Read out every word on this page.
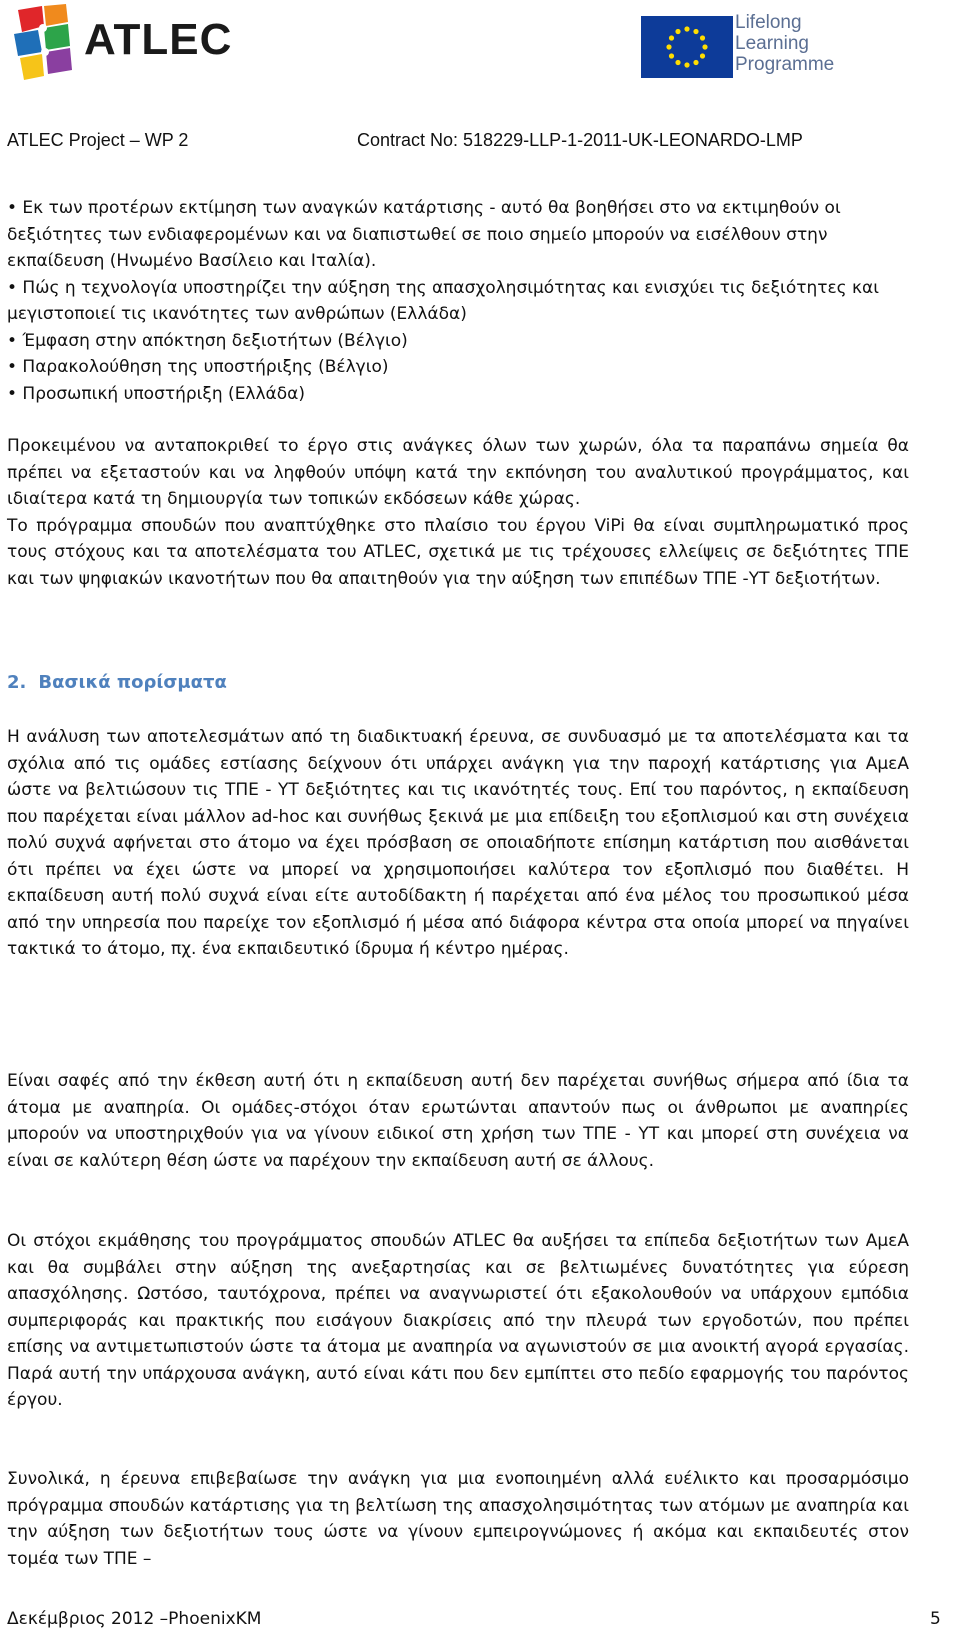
ATLEC	Lifelong
Learning
Programme
ATLEC Project – WP 2	Contract No: 518229-LLP-1-2011-UK-LEONARDO-LMP

• Εκ των προτέρων εκτίμηση των αναγκών κατάρτισης - αυτό θα βοηθήσει στο να εκτιμηθούν οι δεξιότητες των ενδιαφερομένων και να διαπιστωθεί σε ποιο σημείο μπορούν να εισέλθουν στην εκπαίδευση (Ηνωμένο Βασίλειο και Ιταλία).

• Πώς η τεχνολογία υποστηρίζει την αύξηση της απασχολησιμότητας και ενισχύει τις δεξιότητες και μεγιστοποιεί τις ικανότητες των ανθρώπων (Ελλάδα)

• Έμφαση στην απόκτηση δεξιοτήτων (Βέλγιο)

• Παρακολούθηση της υποστήριξης (Βέλγιο)

• Προσωπική υποστήριξη (Ελλάδα)

Προκειμένου να ανταποκριθεί το έργο στις ανάγκες όλων των χωρών, όλα τα παραπάνω σημεία θα πρέπει να εξεταστούν και να ληφθούν υπόψη κατά την εκπόνηση του αναλυτικού προγράμματος, και ιδιαίτερα κατά τη δημιουργία των τοπικών εκδόσεων κάθε χώρας.

Το πρόγραμμα σπουδών που αναπτύχθηκε στο πλαίσιο του έργου ViPi θα είναι συμπληρωματικό προς τους στόχους και τα αποτελέσματα του ATLEC, σχετικά με τις τρέχουσες ελλείψεις σε δεξιότητες ΤΠΕ και των ψηφιακών ικανοτήτων που θα απαιτηθούν για την αύξηση των επιπέδων ΤΠΕ -ΥΤ δεξιοτήτων.

2. Βασικά πορίσματα

Η ανάλυση των αποτελεσμάτων από τη διαδικτυακή έρευνα, σε συνδυασμό με τα αποτελέσματα και τα σχόλια από τις ομάδες εστίασης δείχνουν ότι υπάρχει ανάγκη για την παροχή κατάρτισης για ΑμεΑ ώστε να βελτιώσουν τις ΤΠΕ - ΥΤ δεξιότητες και τις ικανότητές τους. Επί του παρόντος, η εκπαίδευση που παρέχεται είναι μάλλον ad-hoc και συνήθως ξεκινά με μια επίδειξη του εξοπλισμού και στη συνέχεια πολύ συχνά αφήνεται στο άτομο να έχει πρόσβαση σε οποιαδήποτε επίσημη κατάρτιση που αισθάνεται ότι πρέπει να έχει ώστε να μπορεί να χρησιμοποιήσει καλύτερα τον εξοπλισμό που διαθέτει. Η εκπαίδευση αυτή πολύ συχνά είναι είτε αυτοδίδακτη ή παρέχεται από ένα μέλος του προσωπικού μέσα από την υπηρεσία που παρείχε τον εξοπλισμό ή μέσα από διάφορα κέντρα στα οποία μπορεί να πηγαίνει τακτικά το άτομο, πχ. ένα εκπαιδευτικό ίδρυμα ή κέντρο ημέρας.

Είναι σαφές από την έκθεση αυτή ότι η εκπαίδευση αυτή δεν παρέχεται συνήθως σήμερα από ίδια τα άτομα με αναπηρία. Οι ομάδες-στόχοι όταν ερωτώνται απαντούν πως οι άνθρωποι με αναπηρίες μπορούν να υποστηριχθούν για να γίνουν ειδικοί στη χρήση των ΤΠΕ - ΥΤ και μπορεί στη συνέχεια να είναι σε καλύτερη θέση ώστε να παρέχουν την εκπαίδευση αυτή σε άλλους.

Οι στόχοι εκμάθησης του προγράμματος σπουδών ATLEC θα αυξήσει τα επίπεδα δεξιοτήτων των ΑμεΑ και θα συμβάλει στην αύξηση της ανεξαρτησίας και σε βελτιωμένες δυνατότητες για εύρεση απασχόλησης. Ωστόσο, ταυτόχρονα, πρέπει να αναγνωριστεί ότι εξακολουθούν να υπάρχουν εμπόδια συμπεριφοράς και πρακτικής που εισάγουν διακρίσεις από την πλευρά των εργοδοτών, που πρέπει επίσης να αντιμετωπιστούν ώστε τα άτομα με αναπηρία να αγωνιστούν σε μια ανοικτή αγορά εργασίας. Παρά αυτή την υπάρχουσα ανάγκη, αυτό είναι κάτι που δεν εμπίπτει στο πεδίο εφαρμογής του παρόντος έργου.

Συνολικά, η έρευνα επιβεβαίωσε την ανάγκη για μια ενοποιημένη αλλά ευέλικτο και προσαρμόσιμο πρόγραμμα σπουδών κατάρτισης για τη βελτίωση της απασχολησιμότητας των ατόμων με αναπηρία και την αύξηση των δεξιοτήτων τους ώστε να γίνουν εμπειρογνώμονες ή ακόμα και εκπαιδευτές στον τομέα των ΤΠΕ –

Δεκέμβριος 2012 –PhoenixKM	5
